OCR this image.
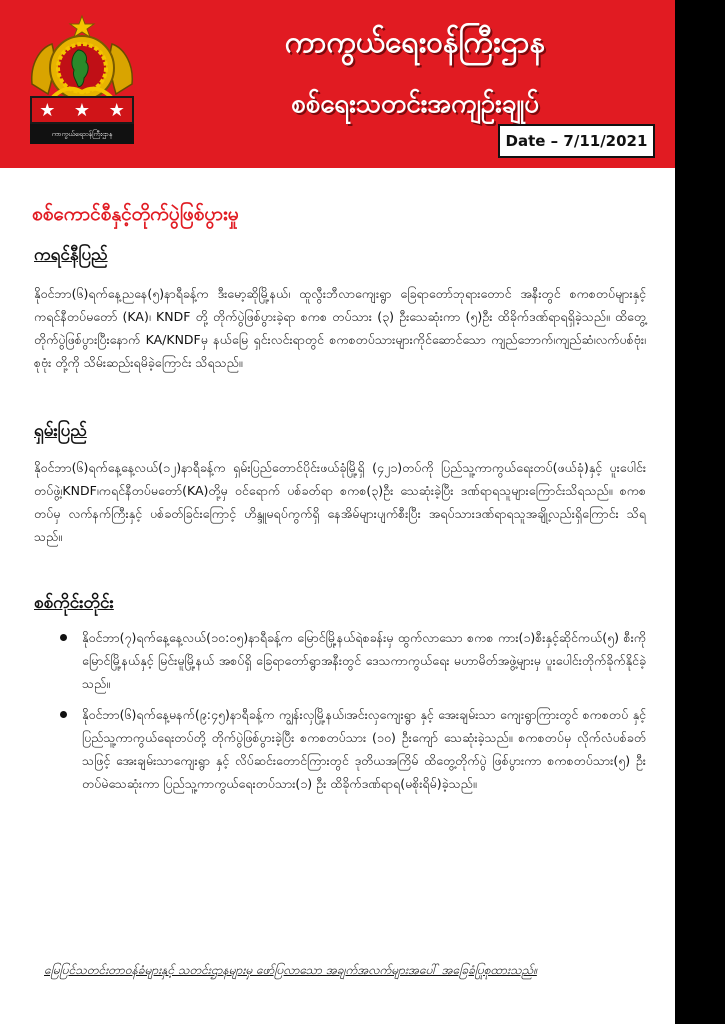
★ ★ ★
ကာကွယ်ရေးဝန်ကြီးဌာန
ကာကွယ်ရေးဝန်ကြီးဌာန
စစ်ရေးသတင်းအကျဉ်းချုပ်
Date – 7/11/2021
စစ်ကောင်စီနှင့်တိုက်ပွဲဖြစ်ပွားမှု
ကရင်နီပြည်

နိုဝင်ဘာ(၆)ရက်နေ့ညနေ(၅)နာရီခန့်က ဒီးမော့ဆိုမြို့နယ်၊ ထူလွီးဘီလာကျေးရွာ ခြေရာတော်ဘုရားတောင် အနီးတွင် စကစတပ်များနှင့် ကရင်နီတပ်မတော် (KA)၊ KNDF တို့ တိုက်ပွဲဖြစ်ပွားခဲ့ရာ စကစ တပ်သား (၃) ဦးသေဆုံးကာ (၅)ဦး ထိခိုက်ဒဏ်ရာရရှိခဲ့သည်။ ထိတွေ့တိုက်ပွဲဖြစ်ပွားပြီးနောက် KA/KNDFမှ နယ်မြေ ရှင်းလင်းရာတွင် စကစတပ်သားများကိုင်ဆောင်သော ကျည်ဘောက်၊ကျည်ဆံ၊လက်ပစ်ဗုံး၊ စုဗုံး တို့ကို သိမ်းဆည်းရမိခဲ့ကြောင်း သိရသည်။

ရှမ်းပြည်

နိုဝင်ဘာ(၆)ရက်နေ့နေ့လယ်(၁၂)နာရီခန့်က ရှမ်းပြည်တောင်ပိုင်းဖယ်ခုံမြို့ရှိ (၄၂၁)တပ်ကို ပြည်သူ့ကာကွယ်ရေးတပ်(ဖယ်ခုံ)နှင့် ပူးပေါင်းတပ်ဖွဲ့၊KNDF၊ကရင်နီတပ်မတော်(KA)တို့မှ ဝင်ရောက် ပစ်ခတ်ရာ စကစ(၃)ဦး သေဆုံးခဲ့ပြီး ဒဏ်ရာရသူများကြောင်းသိရသည်။ စကစတပ်မှ လက်နက်ကြီးနှင့် ပစ်ခတ်ခြင်းကြောင့် ဟိန္ဒူမရပ်ကွက်ရှိ နေအိမ်များပျက်စီးပြီး အရပ်သားဒဏ်ရာရသူအချို့လည်းရှိကြောင်း သိရသည်။

စစ်ကိုင်းတိုင်း
နိုဝင်ဘာ(၇)ရက်နေ့နေ့လယ်(၁၀:၀၅)နာရီခန့်က မြောင်မြို့နယ်ရဲစခန်းမှ ထွက်လာသော စကစ ကား(၁)စီးနှင့်ဆိုင်ကယ်(၅) စီးကို မြောင်မြို့နယ်နှင့် မြင်းမူမြို့နယ် အစပ်ရှိ ခြေရာတော်ရွာအနီးတွင် ဒေသကာကွယ်ရေး မဟာမိတ်အဖွဲ့များမှ ပူးပေါင်းတိုက်ခိုက်နိုင်ခဲ့သည်။
နိုဝင်ဘာ(၆)ရက်နေ့မနက်(၉:၄၅)နာရီခန့်က ကျွန်းလှမြို့နယ်၊အင်းလှကျေးရွာ နှင့် အေးချမ်းသာ ကျေးရွာကြားတွင် စကစတပ် နှင့် ပြည်သူ့ကာကွယ်ရေးတပ်တို့ တိုက်ပွဲဖြစ်ပွားခဲ့ပြီး စကစတပ်သား (၁၀) ဦးကျော် သေဆုံးခဲ့သည်။ စကစတပ်မှ လိုက်လံပစ်ခတ် သဖြင့် အေးချမ်းသာကျေးရွာ နှင့် လိပ်ဆင်းတောင်ကြားတွင် ဒုတိယအကြိမ် ထိတွေ့တိုက်ပွဲ ဖြစ်ပွားကာ စကစတပ်သား(၅) ဦး တပ်မဲသေဆုံးကာ ပြည်သူ့ကာကွယ်ရေးတပ်သား(၁) ဦး ထိခိုက်ဒဏ်ရာရ(မစိုးရိမ်)ခဲ့သည်။
မြေပြင်သတင်းတာဝန်ခံများနှင့် သတင်းဌာနများမှ ဖော်ပြလာသော အချက်အလက်များအပေါ် အခြေခံပြုစုထားသည်။
